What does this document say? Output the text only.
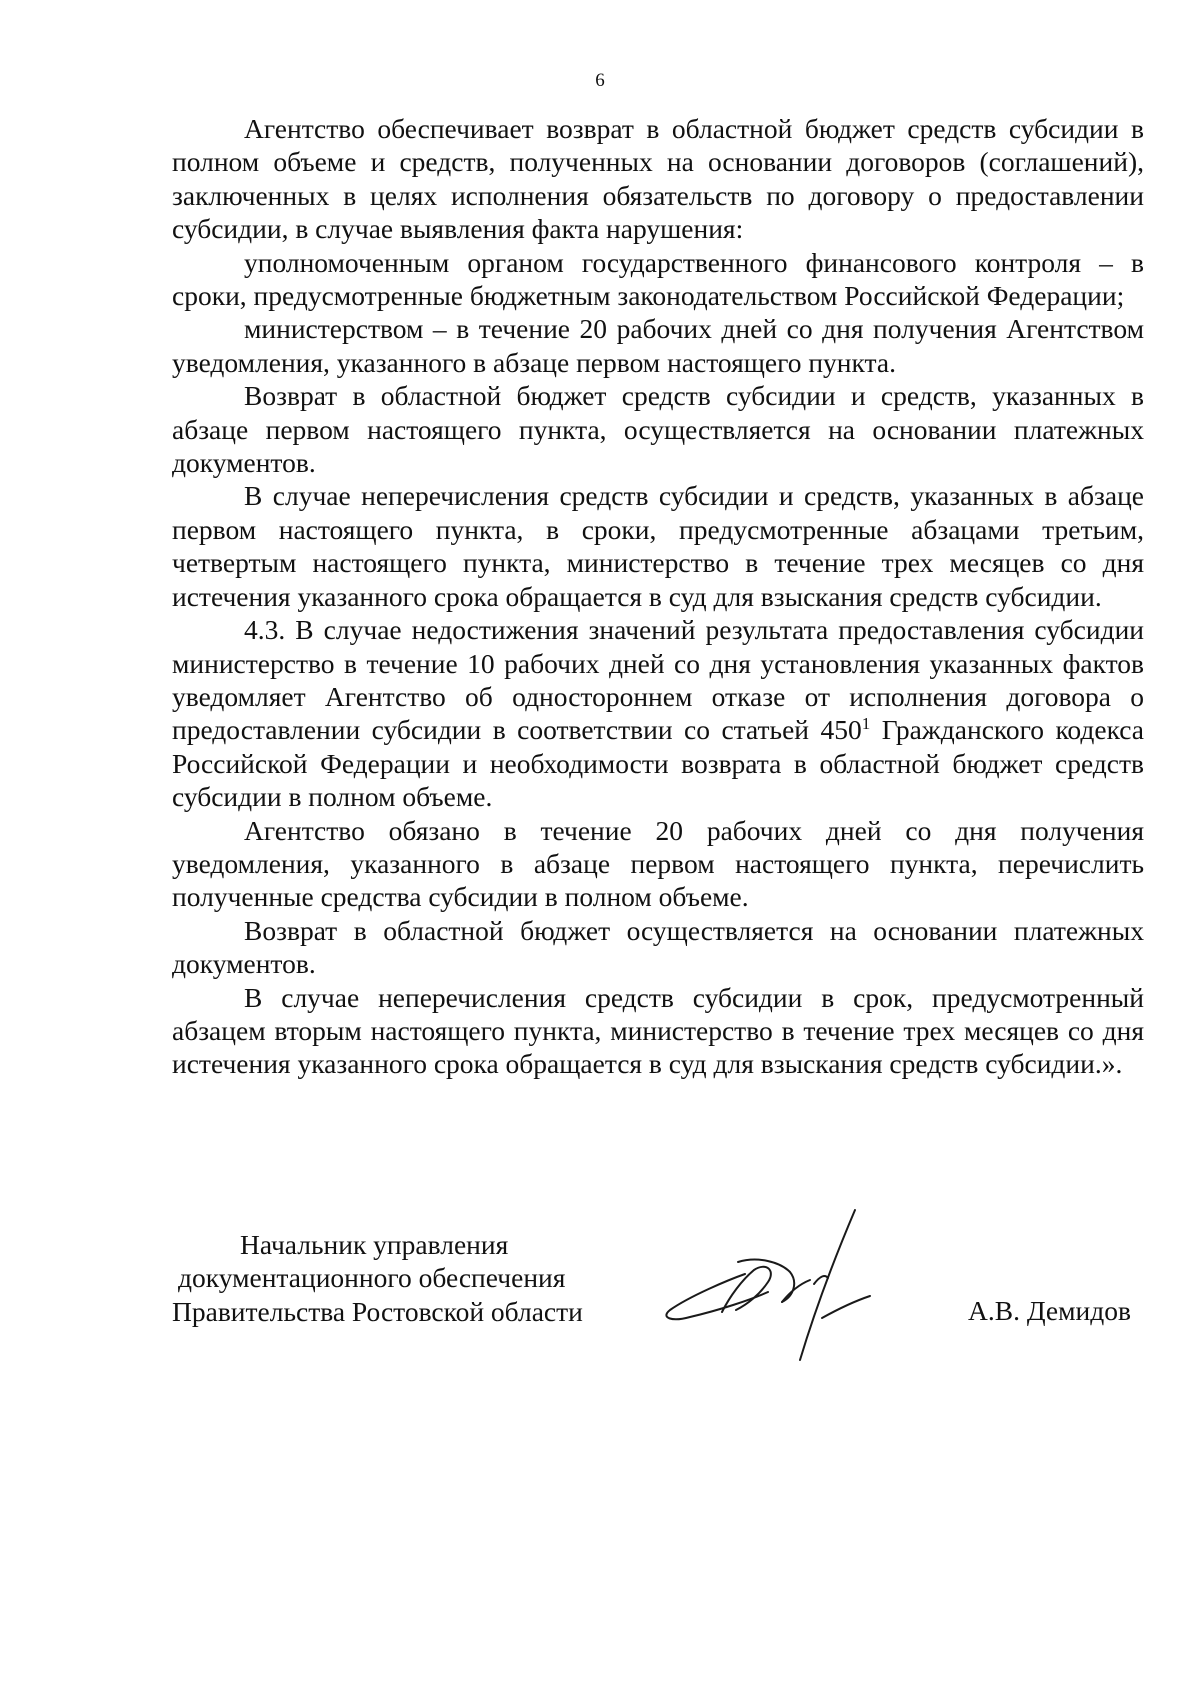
6

Агентство обеспечивает возврат в областной бюджет средств субсидии в полном объеме и средств, полученных на основании договоров (соглашений), заключенных в целях исполнения обязательств по договору о предоставлении субсидии, в случае выявления факта нарушения:

уполномоченным органом государственного финансового контроля – в сроки, предусмотренные бюджетным законодательством Российской Федерации;

министерством – в течение 20 рабочих дней со дня получения Агентством уведомления, указанного в абзаце первом настоящего пункта.

Возврат в областной бюджет средств субсидии и средств, указанных в абзаце первом настоящего пункта, осуществляется на основании платежных документов.

В случае неперечисления средств субсидии и средств, указанных в абзаце первом настоящего пункта, в сроки, предусмотренные абзацами третьим, четвертым настоящего пункта, министерство в течение трех месяцев со дня истечения указанного срока обращается в суд для взыскания средств субсидии.

4.3. В случае недостижения значений результата предоставления субсидии министерство в течение 10 рабочих дней со дня установления указанных фактов уведомляет Агентство об одностороннем отказе от исполнения договора о предоставлении субсидии в соответствии со статьей $450^1$ Гражданского кодекса Российской Федерации и необходимости возврата в областной бюджет средств субсидии в полном объеме.

Агентство обязано в течение 20 рабочих дней со дня получения уведомления, указанного в абзаце первом настоящего пункта, перечислить полученные средства субсидии в полном объеме.

Возврат в областной бюджет осуществляется на основании платежных документов.

В случае неперечисления средств субсидии в срок, предусмотренный абзацем вторым настоящего пункта, министерство в течение трех месяцев со дня истечения указанного срока обращается в суд для взыскания средств субсидии.».

Начальник управления
документационного обеспечения
Правительства Ростовской области	А.В. Демидов
